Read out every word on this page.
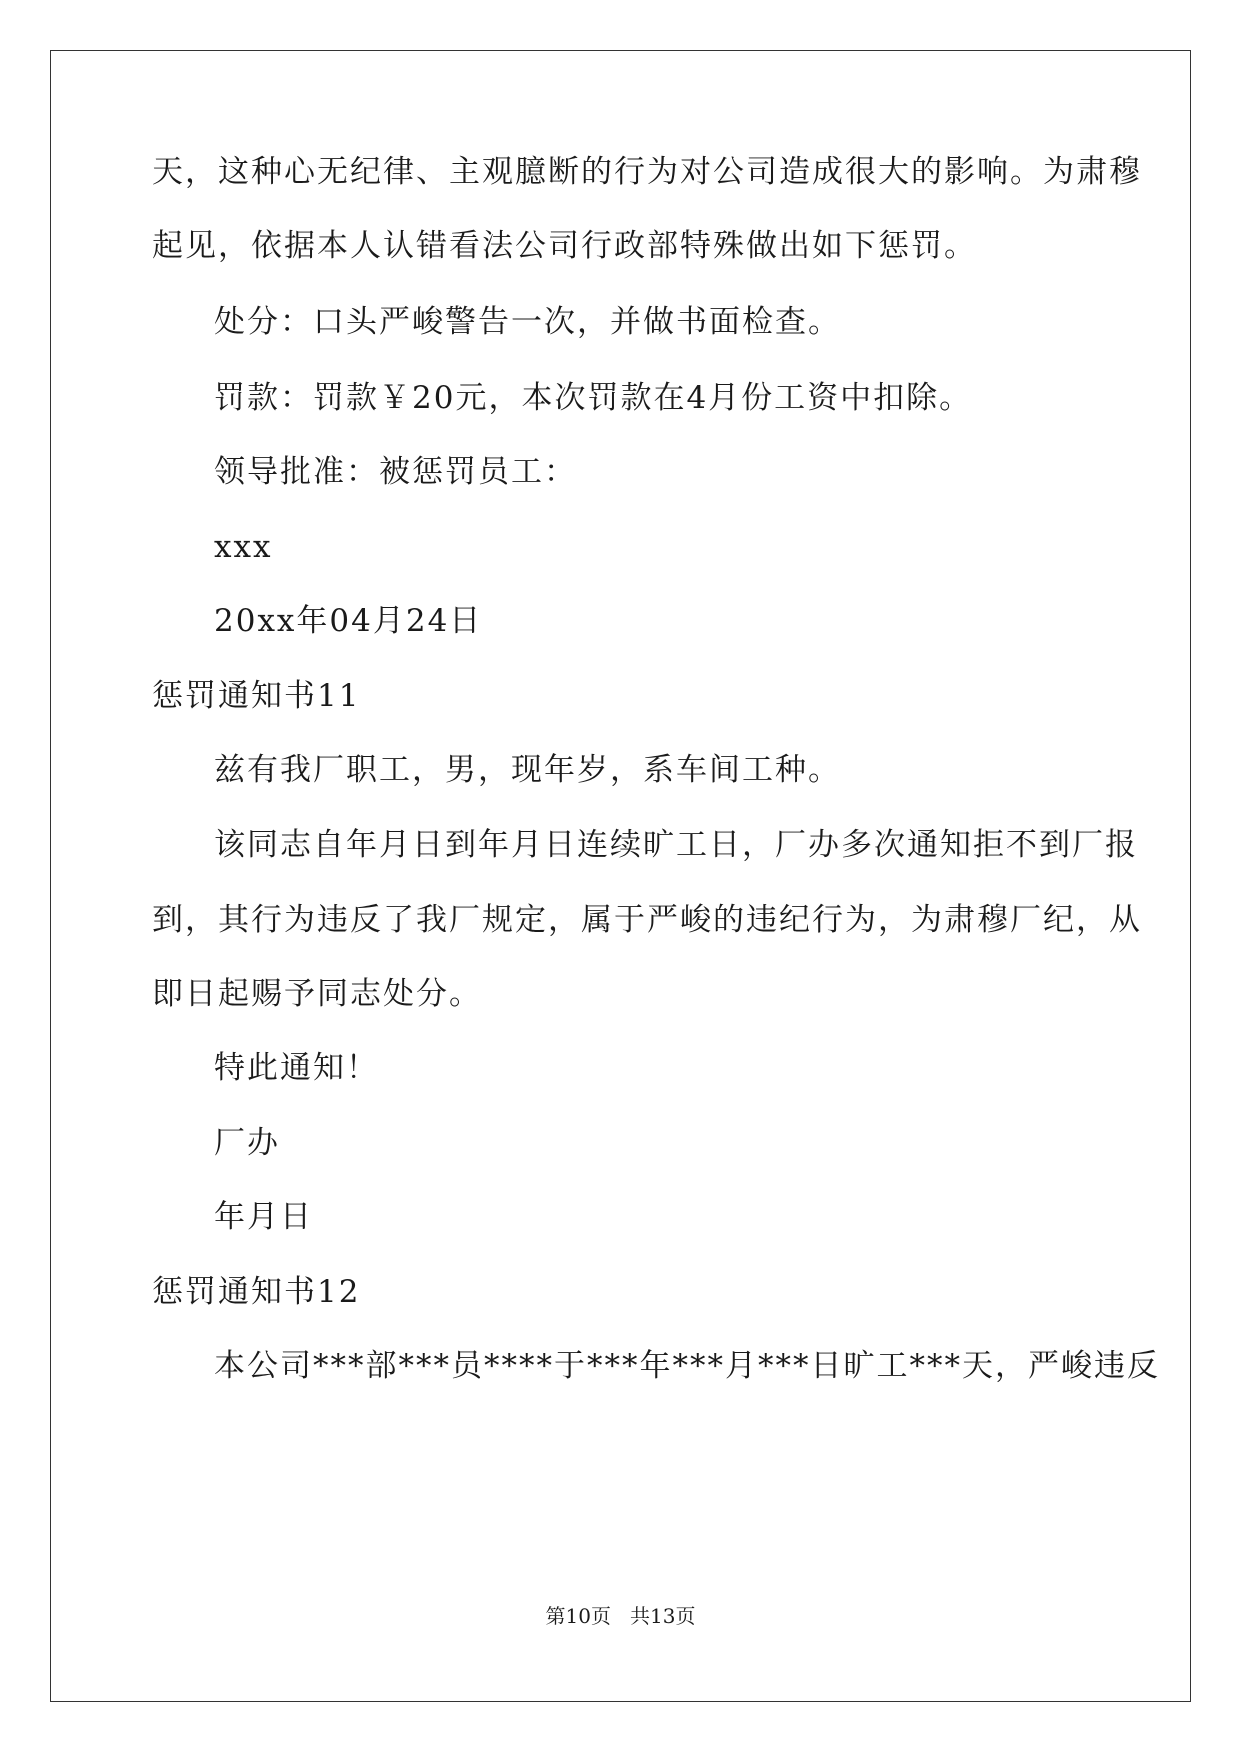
天，这种心无纪律、主观臆断的行为对公司造成很大的影响。为肃穆
起见，依据本人认错看法公司行政部特殊做出如下惩罚。
处分：口头严峻警告一次，并做书面检查。
罚款：罚款￥20元，本次罚款在4月份工资中扣除。
领导批准：被惩罚员工：
xxx
20xx年04月24日
惩罚通知书11
兹有我厂职工，男，现年岁，系车间工种。
该同志自年月日到年月日连续旷工日，厂办多次通知拒不到厂报
到，其行为违反了我厂规定，属于严峻的违纪行为，为肃穆厂纪，从
即日起赐予同志处分。
特此通知！
厂办
年月日
惩罚通知书12
本公司***部***员****于***年***月***日旷工***天，严峻违反
第10页 共13页
